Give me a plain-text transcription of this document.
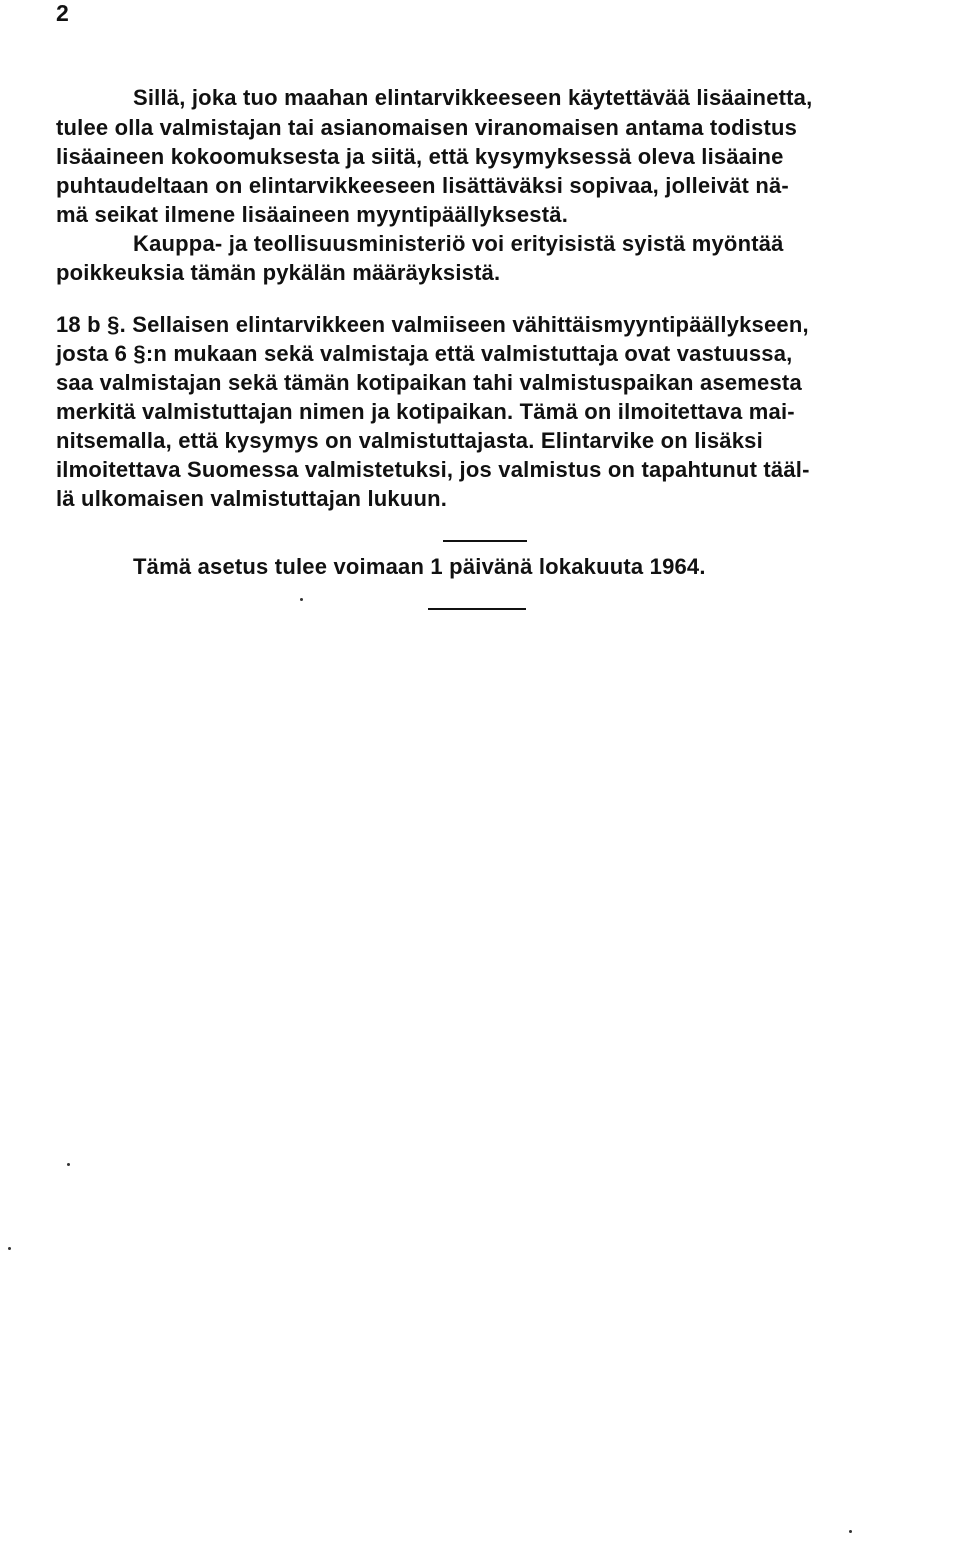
2
Sillä, joka tuo maahan elintarvikkeeseen käytettävää lisäainetta,
tulee olla valmistajan tai asianomaisen viranomaisen antama todistus
lisäaineen kokoomuksesta ja siitä, että kysymyksessä oleva lisäaine
puhtaudeltaan on elintarvikkeeseen lisättäväksi sopivaa, jolleivät nä-
mä seikat ilmene lisäaineen myyntipäällyksestä.
Kauppa- ja teollisuusministeriö voi erityisistä syistä myöntää
poikkeuksia tämän pykälän määräyksistä.
18 b §. Sellaisen elintarvikkeen valmiiseen vähittäismyyntipäällykseen,
josta 6 §:n mukaan sekä valmistaja että valmistuttaja ovat vastuussa,
saa valmistajan sekä tämän kotipaikan tahi valmistuspaikan asemesta
merkitä valmistuttajan nimen ja kotipaikan. Tämä on ilmoitettava mai-
nitsemalla, että kysymys on valmistuttajasta. Elintarvike on lisäksi
ilmoitettava Suomessa valmistetuksi, jos valmistus on tapahtunut tääl-
lä ulkomaisen valmistuttajan lukuun.
Tämä asetus tulee voimaan 1 päivänä lokakuuta 1964.
